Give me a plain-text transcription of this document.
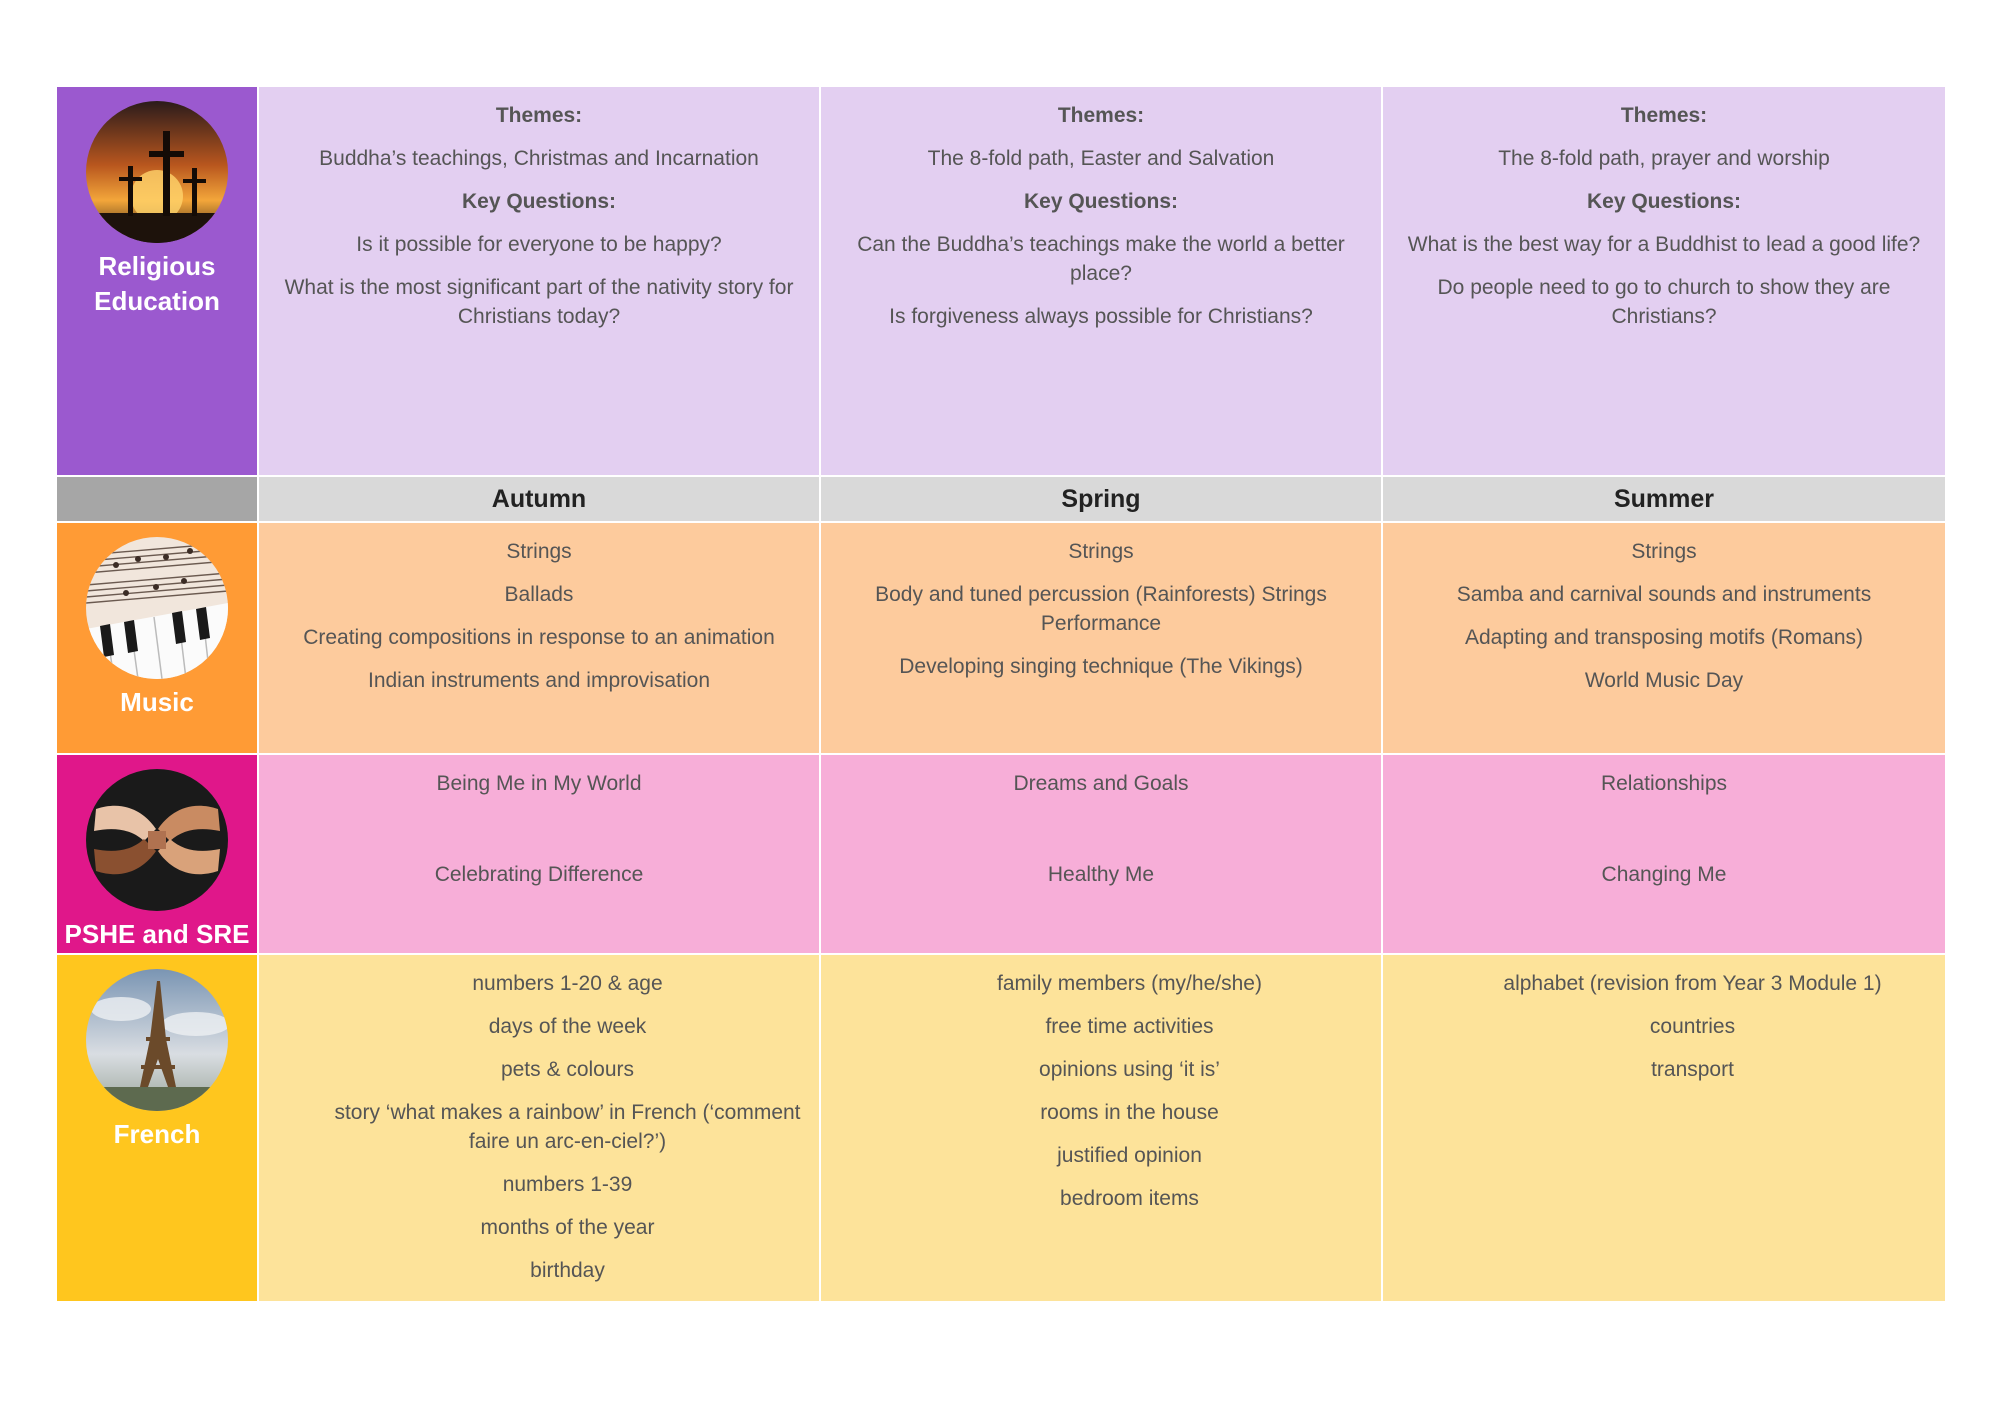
Religious Education

Themes:

Buddha’s teachings, Christmas and Incarnation

Key Questions:

Is it possible for everyone to be happy?

What is the most significant part of the nativity story for Christians today?

Themes:

The 8-fold path, Easter and Salvation

Key Questions:

Can the Buddha’s teachings make the world a better place?

Is forgiveness always possible for Christians?

Themes:

The 8-fold path, prayer and worship

Key Questions:

What is the best way for a Buddhist to lead a good life?

Do people need to go to church to show they are Christians?

Autumn	Spring	Summer
Music

Strings

Ballads

Creating compositions in response to an animation

Indian instruments and improvisation

Strings

Body and tuned percussion (Rainforests) Strings Performance

Developing singing technique (The Vikings)

Strings

Samba and carnival sounds and instruments

Adapting and transposing motifs (Romans)

World Music Day

PSHE and SRE

Being Me in My World

Celebrating Difference

Dreams and Goals

Healthy Me

Relationships

Changing Me

French

numbers 1-20 & age

days of the week

pets & colours

story ‘what makes a rainbow’ in French (‘comment faire un arc-en-ciel?’)

numbers 1-39

months of the year

birthday

family members (my/he/she)

free time activities

opinions using ‘it is’

rooms in the house

justified opinion

bedroom items

alphabet (revision from Year 3 Module 1)

countries

transport
